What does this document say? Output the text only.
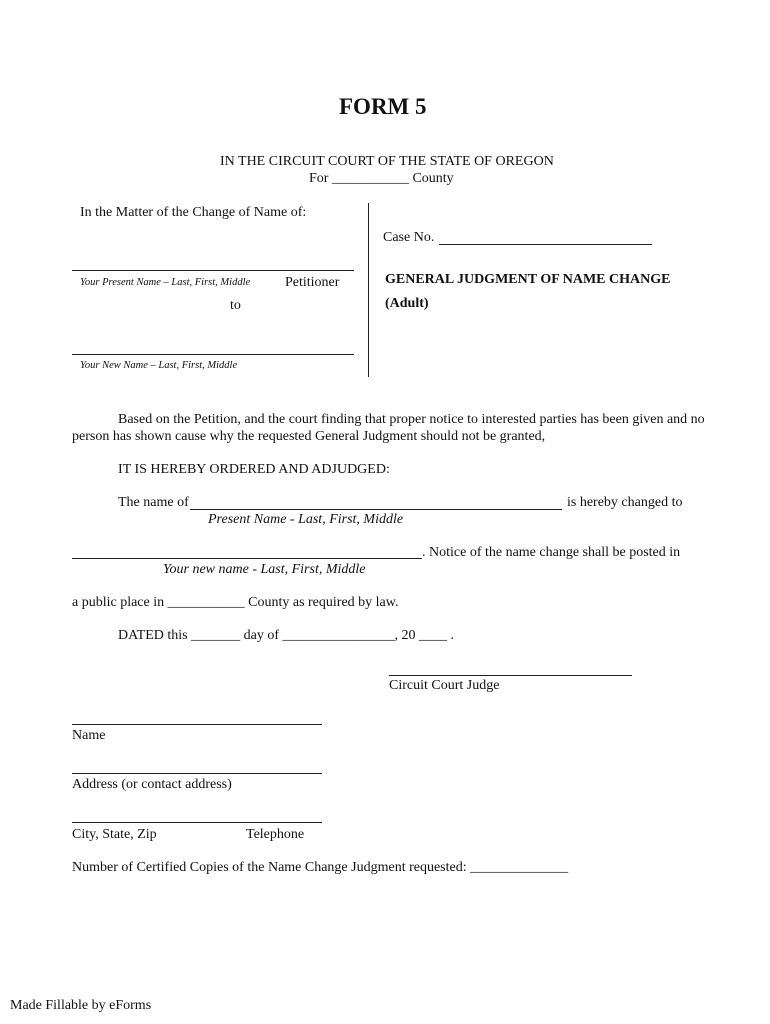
FORM 5
IN THE CIRCUIT COURT OF THE STATE OF OREGON
For ___________ County
In the Matter of the Change of Name of:
Your Present Name – Last, First, Middle Petitioner
to
Your New Name – Last, First, Middle
Case No.
GENERAL JUDGMENT OF NAME CHANGE
(Adult)
Based on the Petition, and the court finding that proper notice to interested parties has been given and no
person has shown cause why the requested General Judgment should not be granted,
IT IS HEREBY ORDERED AND ADJUDGED:
The name of	is hereby changed to
Present Name - Last, First, Middle
. Notice of the name change shall be posted in
Your new name - Last, First, Middle
a public place in ___________ County as required by law.
DATED this _______ day of ________________, 20 ____ .
Circuit Court Judge
Name
Address (or contact address)
City, State, Zip	Telephone
Number of Certified Copies of the Name Change Judgment requested: ______________
Made Fillable by eForms
